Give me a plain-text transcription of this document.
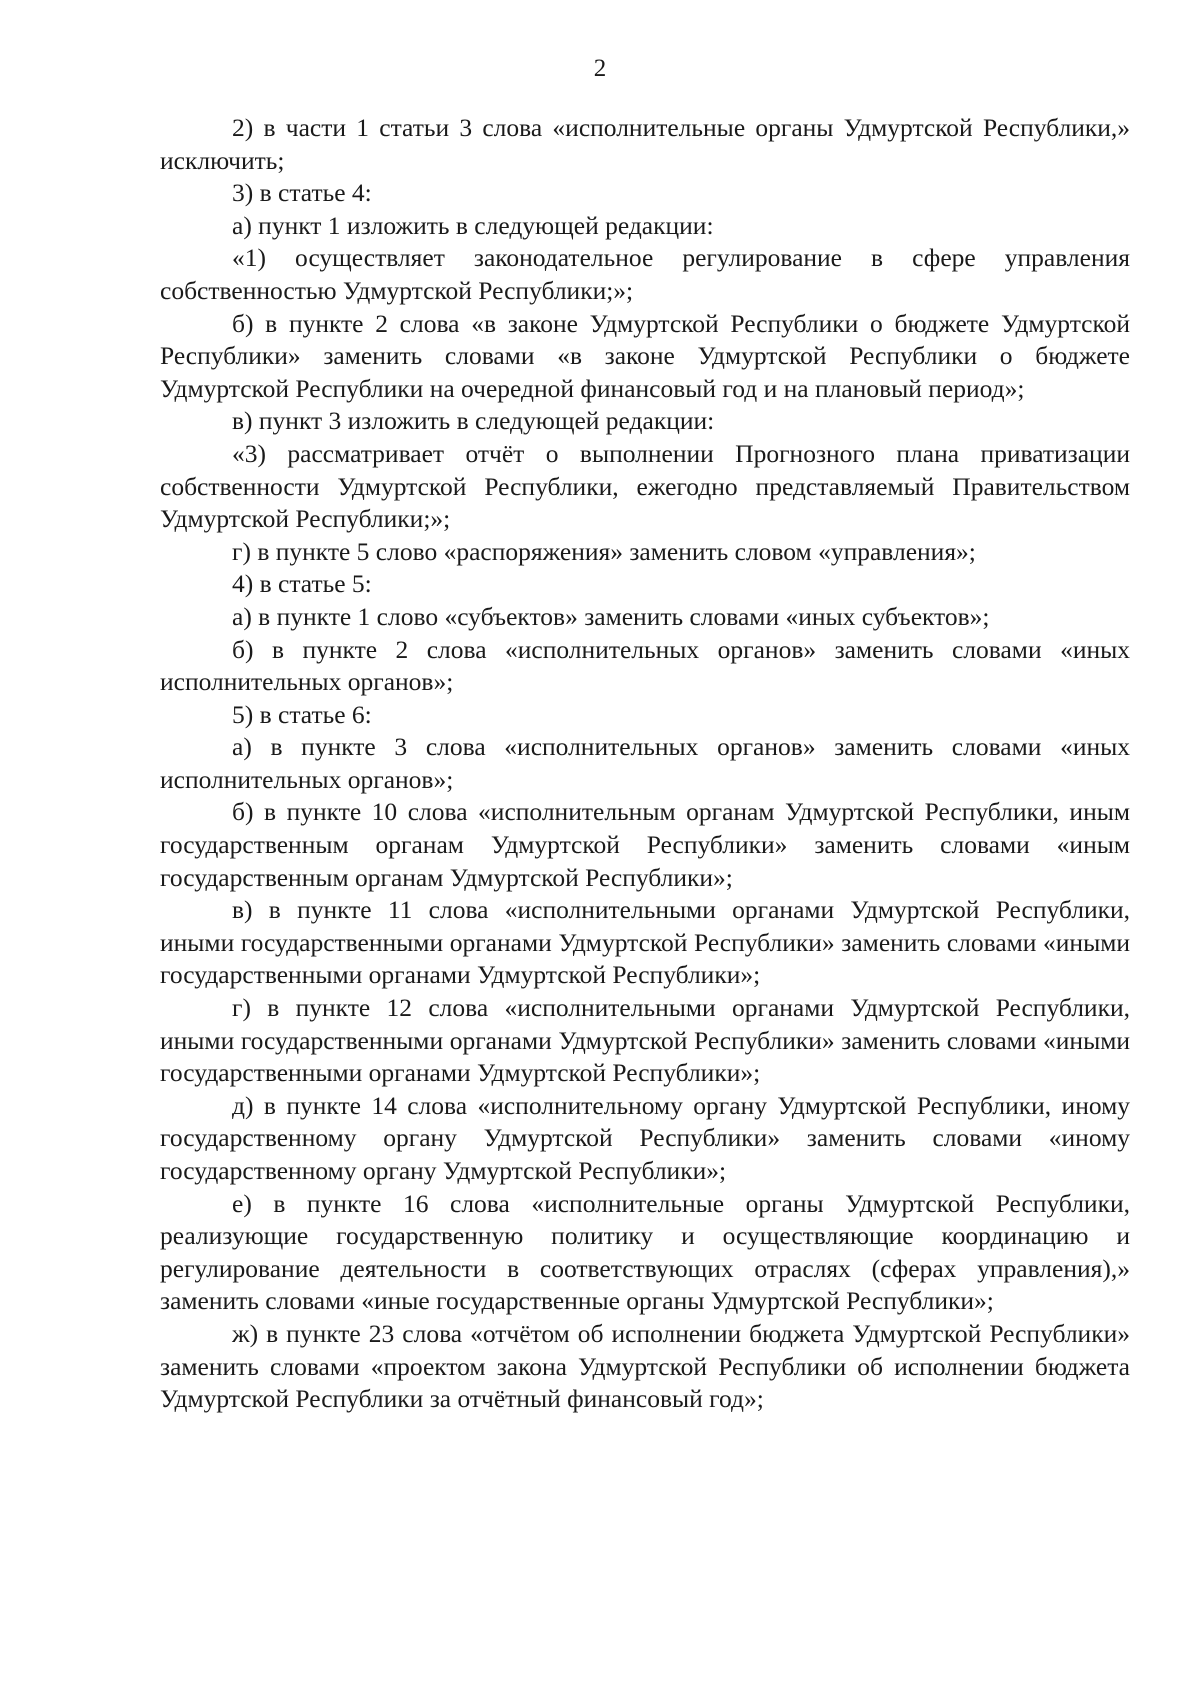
2

2) в части 1 статьи 3 слова «исполнительные органы Удмуртской Республики,» исключить;

3) в статье 4:

а) пункт 1 изложить в следующей редакции:

«1) осуществляет законодательное регулирование в сфере управления собственностью Удмуртской Республики;»;

б) в пункте 2 слова «в законе Удмуртской Республики о бюджете Удмуртской Республики» заменить словами «в законе Удмуртской Республики о бюджете Удмуртской Республики на очередной финансовый год и на плановый период»;

в) пункт 3 изложить в следующей редакции:

«3) рассматривает отчёт о выполнении Прогнозного плана приватизации собственности Удмуртской Республики, ежегодно представляемый Правительством Удмуртской Республики;»;

г) в пункте 5 слово «распоряжения» заменить словом «управления»;

4) в статье 5:

а) в пункте 1 слово «субъектов» заменить словами «иных субъектов»;

б) в пункте 2 слова «исполнительных органов» заменить словами «иных исполнительных органов»;

5) в статье 6:

а) в пункте 3 слова «исполнительных органов» заменить словами «иных исполнительных органов»;

б) в пункте 10 слова «исполнительным органам Удмуртской Республики, иным государственным органам Удмуртской Республики» заменить словами «иным государственным органам Удмуртской Республики»;

в) в пункте 11 слова «исполнительными органами Удмуртской Республики, иными государственными органами Удмуртской Республики» заменить словами «иными государственными органами Удмуртской Республики»;

г) в пункте 12 слова «исполнительными органами Удмуртской Республики, иными государственными органами Удмуртской Республики» заменить словами «иными государственными органами Удмуртской Республики»;

д) в пункте 14 слова «исполнительному органу Удмуртской Республики, иному государственному органу Удмуртской Республики» заменить словами «иному государственному органу Удмуртской Республики»;

е) в пункте 16 слова «исполнительные органы Удмуртской Республики, реализующие государственную политику и осуществляющие координацию и регулирование деятельности в соответствующих отраслях (сферах управления),» заменить словами «иные государственные органы Удмуртской Республики»;

ж) в пункте 23 слова «отчётом об исполнении бюджета Удмуртской Республики» заменить словами «проектом закона Удмуртской Республики об исполнении бюджета Удмуртской Республики за отчётный финансовый год»;
